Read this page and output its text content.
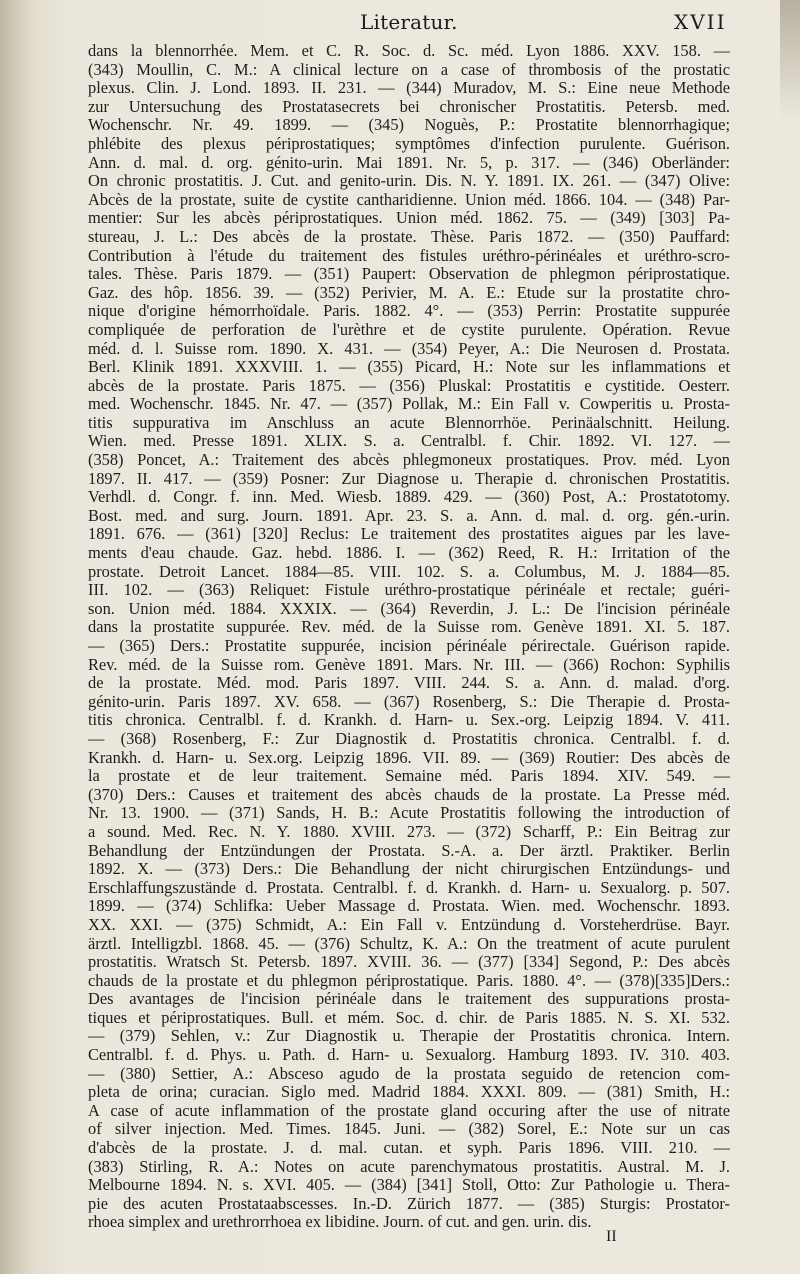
Literatur.	XVII
dans la blennorrhée. Mem. et C. R. Soc. d. Sc. méd. Lyon 1886. XXV. 158. —
(343) Moullin, C. M.: A clinical lecture on a case of thrombosis of the prostatic
plexus. Clin. J. Lond. 1893. II. 231. — (344) Muradov, M. S.: Eine neue Methode
zur Untersuchung des Prostatasecrets bei chronischer Prostatitis. Petersb. med.
Wochenschr. Nr. 49. 1899. — (345) Noguès, P.: Prostatite blennorrhagique;
phlébite des plexus périprostatiques; symptômes d'infection purulente. Guérison.
Ann. d. mal. d. org. génito-urin. Mai 1891. Nr. 5, p. 317. — (346) Oberländer:
On chronic prostatitis. J. Cut. and genito-urin. Dis. N. Y. 1891. IX. 261. — (347) Olive:
Abcès de la prostate, suite de cystite cantharidienne. Union méd. 1866. 104. — (348) Par-
mentier: Sur les abcès périprostatiques. Union méd. 1862. 75. — (349) [303] Pa-
stureau, J. L.: Des abcès de la prostate. Thèse. Paris 1872. — (350) Pauffard:
Contribution à l'étude du traitement des fistules uréthro-périnéales et uréthro-scro-
tales. Thèse. Paris 1879. — (351) Paupert: Observation de phlegmon périprostatique.
Gaz. des hôp. 1856. 39. — (352) Perivier, M. A. E.: Etude sur la prostatite chro-
nique d'origine hémorrhoïdale. Paris. 1882. 4°. — (353) Perrin: Prostatite suppurée
compliquée de perforation de l'urèthre et de cystite purulente. Opération. Revue
méd. d. l. Suisse rom. 1890. X. 431. — (354) Peyer, A.: Die Neurosen d. Prostata.
Berl. Klinik 1891. XXXVIII. 1. — (355) Picard, H.: Note sur les inflammations et
abcès de la prostate. Paris 1875. — (356) Pluskal: Prostatitis e cystitide. Oesterr.
med. Wochenschr. 1845. Nr. 47. — (357) Pollak, M.: Ein Fall v. Cowperitis u. Prosta-
titis suppurativa im Anschluss an acute Blennorrhöe. Perinäalschnitt. Heilung.
Wien. med. Presse 1891. XLIX. S. a. Centralbl. f. Chir. 1892. VI. 127. —
(358) Poncet, A.: Traitement des abcès phlegmoneux prostatiques. Prov. méd. Lyon
1897. II. 417. — (359) Posner: Zur Diagnose u. Therapie d. chronischen Prostatitis.
Verhdl. d. Congr. f. inn. Med. Wiesb. 1889. 429. — (360) Post, A.: Prostatotomy.
Bost. med. and surg. Journ. 1891. Apr. 23. S. a. Ann. d. mal. d. org. gén.-urin.
1891. 676. — (361) [320] Reclus: Le traitement des prostatites aigues par les lave-
ments d'eau chaude. Gaz. hebd. 1886. I. — (362) Reed, R. H.: Irritation of the
prostate. Detroit Lancet. 1884—85. VIII. 102. S. a. Columbus, M. J. 1884—85.
III. 102. — (363) Reliquet: Fistule uréthro-prostatique périnéale et rectale; guéri-
son. Union méd. 1884. XXXIX. — (364) Reverdin, J. L.: De l'incision périnéale
dans la prostatite suppurée. Rev. méd. de la Suisse rom. Genève 1891. XI. 5. 187.
— (365) Ders.: Prostatite suppurée, incision périnéale périrectale. Guérison rapide.
Rev. méd. de la Suisse rom. Genève 1891. Mars. Nr. III. — (366) Rochon: Syphilis
de la prostate. Méd. mod. Paris 1897. VIII. 244. S. a. Ann. d. malad. d'org.
génito-urin. Paris 1897. XV. 658. — (367) Rosenberg, S.: Die Therapie d. Prosta-
titis chronica. Centralbl. f. d. Krankh. d. Harn- u. Sex.-org. Leipzig 1894. V. 411.
— (368) Rosenberg, F.: Zur Diagnostik d. Prostatitis chronica. Centralbl. f. d.
Krankh. d. Harn- u. Sex.org. Leipzig 1896. VII. 89. — (369) Routier: Des abcès de
la prostate et de leur traitement. Semaine méd. Paris 1894. XIV. 549. —
(370) Ders.: Causes et traitement des abcès chauds de la prostate. La Presse méd.
Nr. 13. 1900. — (371) Sands, H. B.: Acute Prostatitis following the introduction of
a sound. Med. Rec. N. Y. 1880. XVIII. 273. — (372) Scharff, P.: Ein Beitrag zur
Behandlung der Entzündungen der Prostata. S.-A. a. Der ärztl. Praktiker. Berlin
1892. X. — (373) Ders.: Die Behandlung der nicht chirurgischen Entzündungs- und
Erschlaffungszustände d. Prostata. Centralbl. f. d. Krankh. d. Harn- u. Sexualorg. p. 507.
1899. — (374) Schlifka: Ueber Massage d. Prostata. Wien. med. Wochenschr. 1893.
XX. XXI. — (375) Schmidt, A.: Ein Fall v. Entzündung d. Vorsteherdrüse. Bayr.
ärztl. Intelligzbl. 1868. 45. — (376) Schultz, K. A.: On the treatment of acute purulent
prostatitis. Wratsch St. Petersb. 1897. XVIII. 36. — (377) [334] Segond, P.: Des abcès
chauds de la prostate et du phlegmon périprostatique. Paris. 1880. 4°. — (378)[335]Ders.:
Des avantages de l'incision périnéale dans le traitement des suppurations prosta-
tiques et périprostatiques. Bull. et mém. Soc. d. chir. de Paris 1885. N. S. XI. 532.
— (379) Sehlen, v.: Zur Diagnostik u. Therapie der Prostatitis chronica. Intern.
Centralbl. f. d. Phys. u. Path. d. Harn- u. Sexualorg. Hamburg 1893. IV. 310. 403.
— (380) Settier, A.: Absceso agudo de la prostata seguido de retencion com-
pleta de orina; curacian. Siglo med. Madrid 1884. XXXI. 809. — (381) Smith, H.:
A case of acute inflammation of the prostate gland occuring after the use of nitrate
of silver injection. Med. Times. 1845. Juni. — (382) Sorel, E.: Note sur un cas
d'abcès de la prostate. J. d. mal. cutan. et syph. Paris 1896. VIII. 210. —
(383) Stirling, R. A.: Notes on acute parenchymatous prostatitis. Austral. M. J.
Melbourne 1894. N. s. XVI. 405. — (384) [341] Stoll, Otto: Zur Pathologie u. Thera-
pie des acuten Prostataabscesses. In.-D. Zürich 1877. — (385) Sturgis: Prostator-
rhoea simplex and urethrorrhoea ex libidine. Journ. of cut. and gen. urin. dis.
II
